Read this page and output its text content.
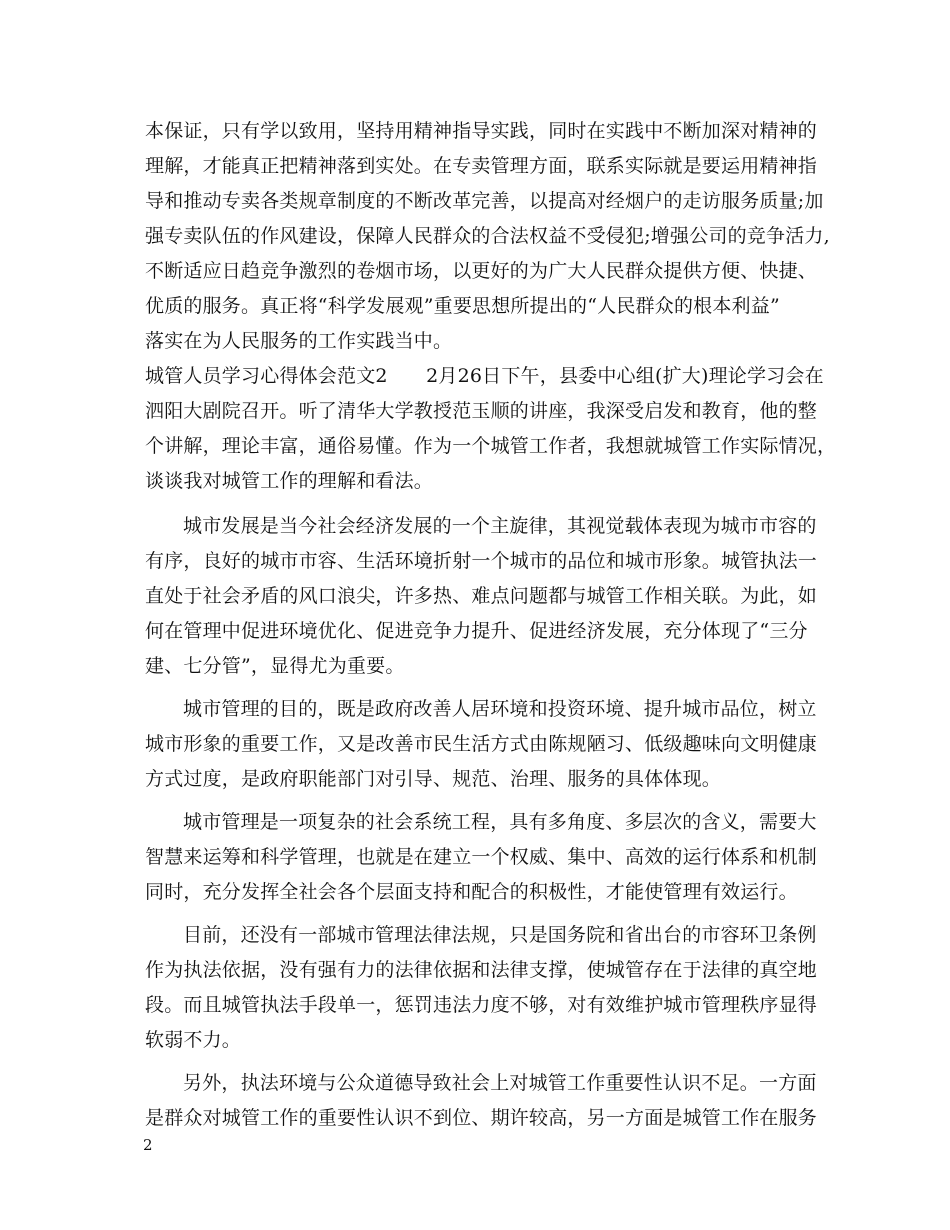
本保证，只有学以致用，坚持用精神指导实践，同时在实践中不断加深对精神的
理解，才能真正把精神落到实处。在专卖管理方面，联系实际就是要运用精神指
导和推动专卖各类规章制度的不断改革完善，以提高对经烟户的走访服务质量;加
强专卖队伍的作风建设，保障人民群众的合法权益不受侵犯;增强公司的竞争活力,
不断适应日趋竞争激烈的卷烟市场，以更好的为广大人民群众提供方便、快捷、
优质的服务。真正将“科学发展观”重要思想所提出的“人民群众的根本利益”
落实在为人民服务的工作实践当中。
城管人员学习心得体会范文2　　2月26日下午，县委中心组(扩大)理论学习会在
泗阳大剧院召开。听了清华大学教授范玉顺的讲座，我深受启发和教育，他的整
个讲解，理论丰富，通俗易懂。作为一个城管工作者，我想就城管工作实际情况，
谈谈我对城管工作的理解和看法。
城市发展是当今社会经济发展的一个主旋律，其视觉载体表现为城市市容的
有序，良好的城市市容、生活环境折射一个城市的品位和城市形象。城管执法一
直处于社会矛盾的风口浪尖，许多热、难点问题都与城管工作相关联。为此，如
何在管理中促进环境优化、促进竞争力提升、促进经济发展，充分体现了“三分
建、七分管”，显得尤为重要。
城市管理的目的，既是政府改善人居环境和投资环境、提升城市品位，树立
城市形象的重要工作，又是改善市民生活方式由陈规陋习、低级趣味向文明健康
方式过度，是政府职能部门对引导、规范、治理、服务的具体体现。
城市管理是一项复杂的社会系统工程，具有多角度、多层次的含义，需要大
智慧来运筹和科学管理，也就是在建立一个权威、集中、高效的运行体系和机制
同时，充分发挥全社会各个层面支持和配合的积极性，才能使管理有效运行。
目前，还没有一部城市管理法律法规，只是国务院和省出台的市容环卫条例
作为执法依据，没有强有力的法律依据和法律支撑，使城管存在于法律的真空地
段。而且城管执法手段单一，惩罚违法力度不够，对有效维护城市管理秩序显得
软弱不力。
另外，执法环境与公众道德导致社会上对城管工作重要性认识不足。一方面
是群众对城管工作的重要性认识不到位、期许较高，另一方面是城管工作在服务
2
